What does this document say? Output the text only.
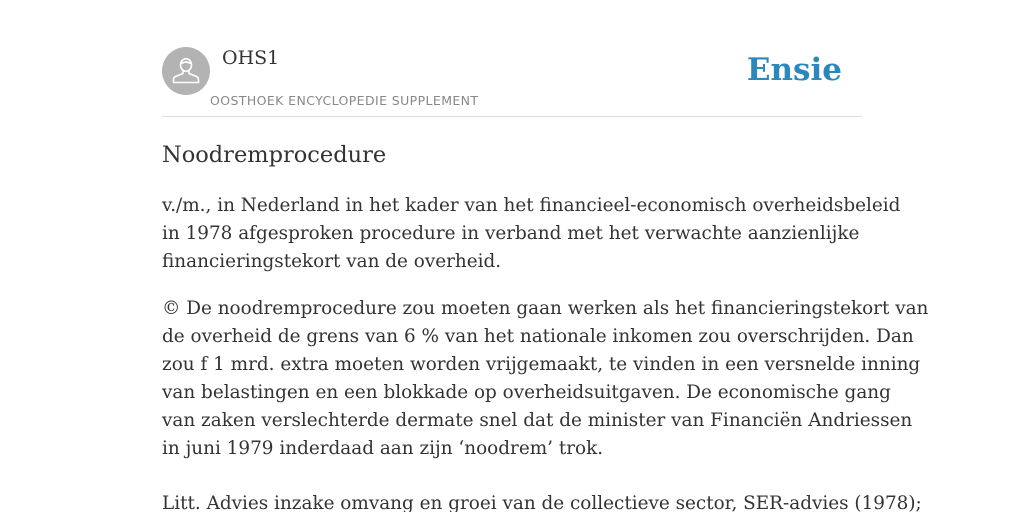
OHS1
OOSTHOEK ENCYCLOPEDIE SUPPLEMENT
Ensie
Noodremprocedure

v./m., in Nederland in het kader van het financieel-economisch overheidsbeleid
in 1978 afgesproken procedure in verband met het verwachte aanzienlijke
financieringstekort van de overheid.

© De noodremprocedure zou moeten gaan werken als het financieringstekort van
de overheid de grens van 6 % van het nationale inkomen zou overschrijden. Dan
zou f 1 mrd. extra moeten worden vrijgemaakt, te vinden in een versnelde inning
van belastingen en een blokkade op overheidsuitgaven. De economische gang
van zaken verslechterde dermate snel dat de minister van Financiën Andriessen
in juni 1979 inderdaad aan zijn ‘noodrem’ trok.

Litt. Advies inzake omvang en groei van de collectieve sector, SER-advies (1978);
